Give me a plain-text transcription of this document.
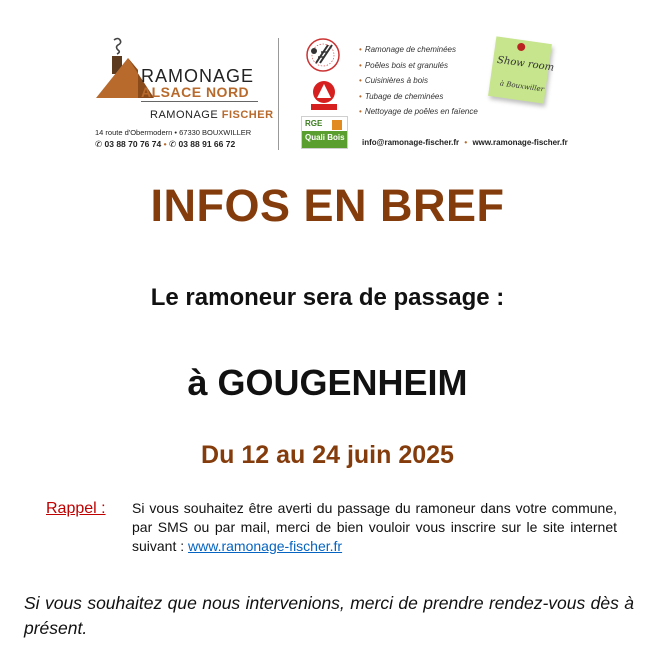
RAMONAGE
ALSACE NORD
RAMONAGE FISCHER
14 route d'Obermodern • 67330 BOUXWILLER
✆ 03 88 70 76 74 • ✆ 03 88 91 66 72
RGE
Quali Bois
• Ramonage de cheminées
• Poêles bois et granulés
• Cuisinières à bois
• Tubage de cheminées
• Nettoyage de poêles en faïence
info@ramonage-fischer.fr • www.ramonage-fischer.fr
Show room
à Bouxwiller
INFOS EN BREF
Le ramoneur sera de passage :
à GOUGENHEIM
Du 12 au 24 juin 2025
Rappel : Si vous souhaitez être averti du passage du ramoneur dans votre commune, par SMS ou par mail, merci de bien vouloir vous inscrire sur le site internet suivant : www.ramonage-fischer.fr
Si vous souhaitez que nous intervenions, merci de prendre rendez-vous dès à présent.
